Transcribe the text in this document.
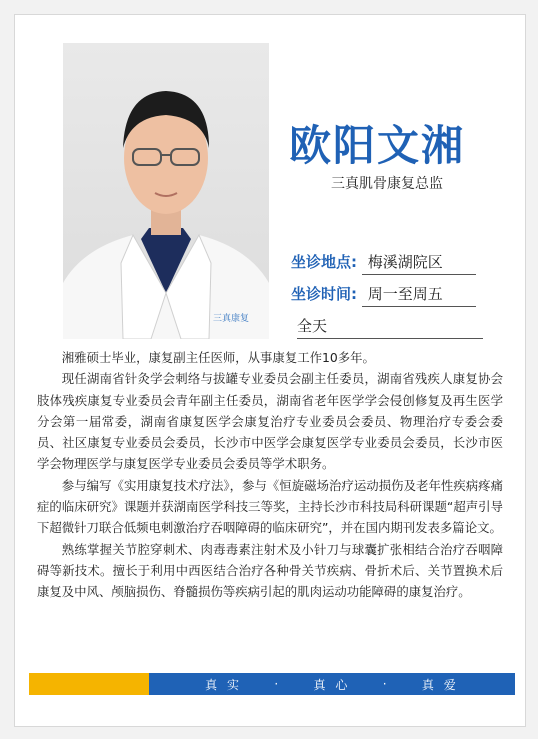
三真康复
欧阳文湘
三真肌骨康复总监
坐诊地点: 梅溪湖院区
坐诊时间: 周一至周五
全天

湘雅硕士毕业，康复副主任医师，从事康复工作10多年。

现任湖南省针灸学会刺络与拔罐专业委员会副主任委员，湖南省残疾人康复协会肢体残疾康复专业委员会青年副主任委员，湖南省老年医学学会侵创修复及再生医学分会第一届常委，湖南省康复医学会康复治疗专业委员会委员、物理治疗专委会委员、社区康复专业委员会委员，长沙市中医学会康复医学专业委员会委员，长沙市医学会物理医学与康复医学专业委员会委员等学术职务。

参与编写《实用康复技术疗法》，参与《恒旋磁场治疗运动损伤及老年性疾病疼痛症的临床研究》课题并获湖南医学科技三等奖，主持长沙市科技局科研课题“超声引导下超微针刀联合低频电刺激治疗吞咽障碍的临床研究”，并在国内期刊发表多篇论文。

熟练掌握关节腔穿刺术、肉毒毒素注射术及小针刀与球囊扩张相结合治疗吞咽障碍等新技术。擅长于利用中西医结合治疗各种骨关节疾病、骨折术后、关节置换术后康复及中风、颅脑损伤、脊髓损伤等疾病引起的肌肉运动功能障碍的康复治疗。

真 实	·	真 心	·	真 爱
